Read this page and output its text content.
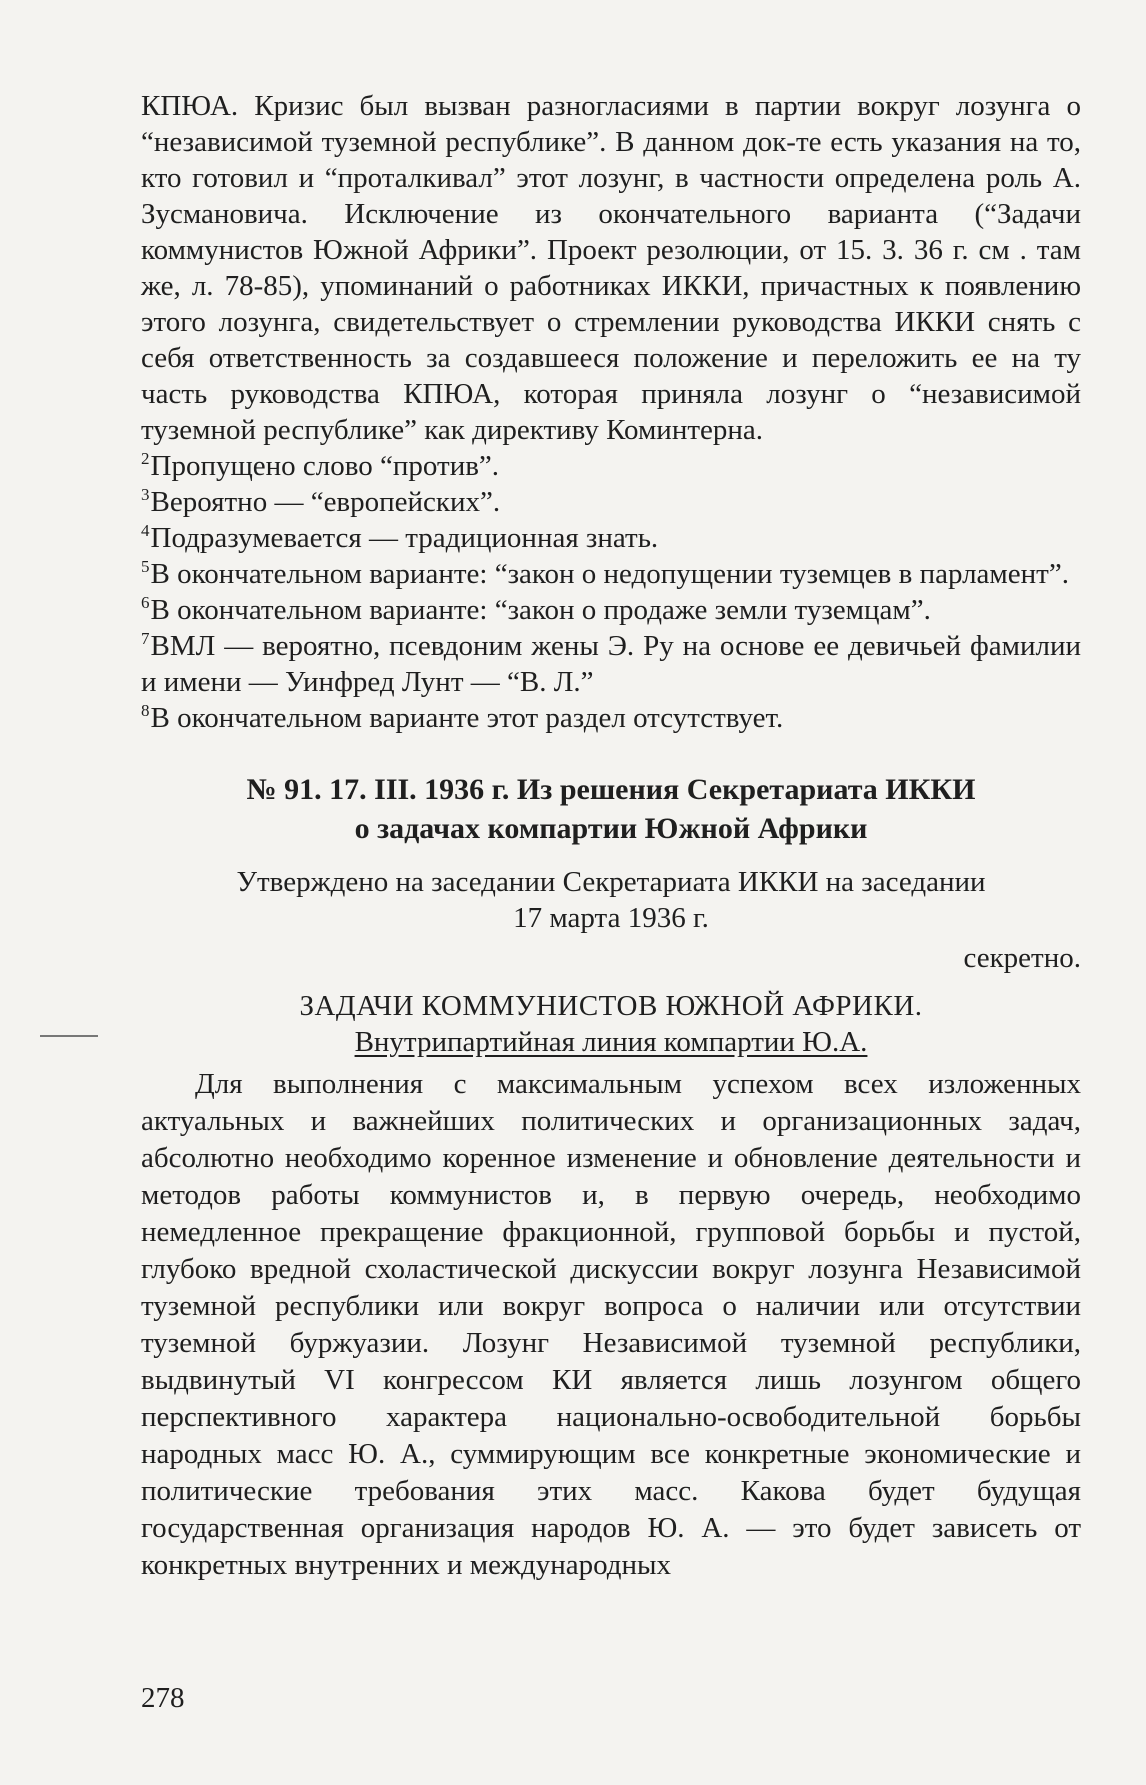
КПЮА. Кризис был вызван разногласиями в партии вокруг лозунга о “независимой туземной республике”. В данном док-те есть указания на то, кто готовил и “проталкивал” этот лозунг, в частности определена роль А. Зусмановича. Исключение из окончательного варианта (“Задачи коммунистов Южной Африки”. Проект резолюции, от 15. 3. 36 г. см . там же, л. 78-85), упоминаний о работниках ИККИ, причастных к появлению этого лозунга, свидетельствует о стремлении руководства ИККИ снять с себя ответственность за создавшееся положение и переложить ее на ту часть руководства КПЮА, которая приняла лозунг о “независимой туземной республике” как директиву Коминтерна.

$^2$Пропущено слово “против”.

$^3$Вероятно — “европейских”.

$^4$Подразумевается — традиционная знать.

$^5$В окончательном варианте: “закон о недопущении туземцев в парламент”.

$^6$В окончательном варианте: “закон о продаже земли туземцам”.

$^7$ВМЛ — вероятно, псевдоним жены Э. Ру на основе ее девичьей фамилии и имени — Уинфред Лунт — “В. Л.”

$^8$В окончательном варианте этот раздел отсутствует.

№ 91. 17. III. 1936 г. Из решения Секретариата ИККИ
о задачах компартии Южной Африки
Утверждено на заседании Секретариата ИККИ на заседании
17 марта 1936 г.

секретно.

ЗАДАЧИ КОММУНИСТОВ ЮЖНОЙ АФРИКИ.

Внутрипартийная линия компартии Ю.А.

Для выполнения с максимальным успехом всех изложенных актуальных и важнейших политических и организационных задач, абсолютно необходимо коренное изменение и обновление деятельности и методов работы коммунистов и, в первую очередь, необходимо немедленное прекращение фракционной, групповой борьбы и пустой, глубоко вредной схоластической дискуссии вокруг лозунга Независимой туземной республики или вокруг вопроса о наличии или отсутствии туземной буржуазии. Лозунг Независимой туземной республики, выдвинутый VI конгрессом КИ является лишь лозунгом общего перспективного характера национально-освободительной борьбы народных масс Ю. А., суммирующим все конкретные экономические и политические требования этих масс. Какова будет будущая государственная организация народов Ю. А. — это будет зависеть от конкретных внутренних и международных

278
